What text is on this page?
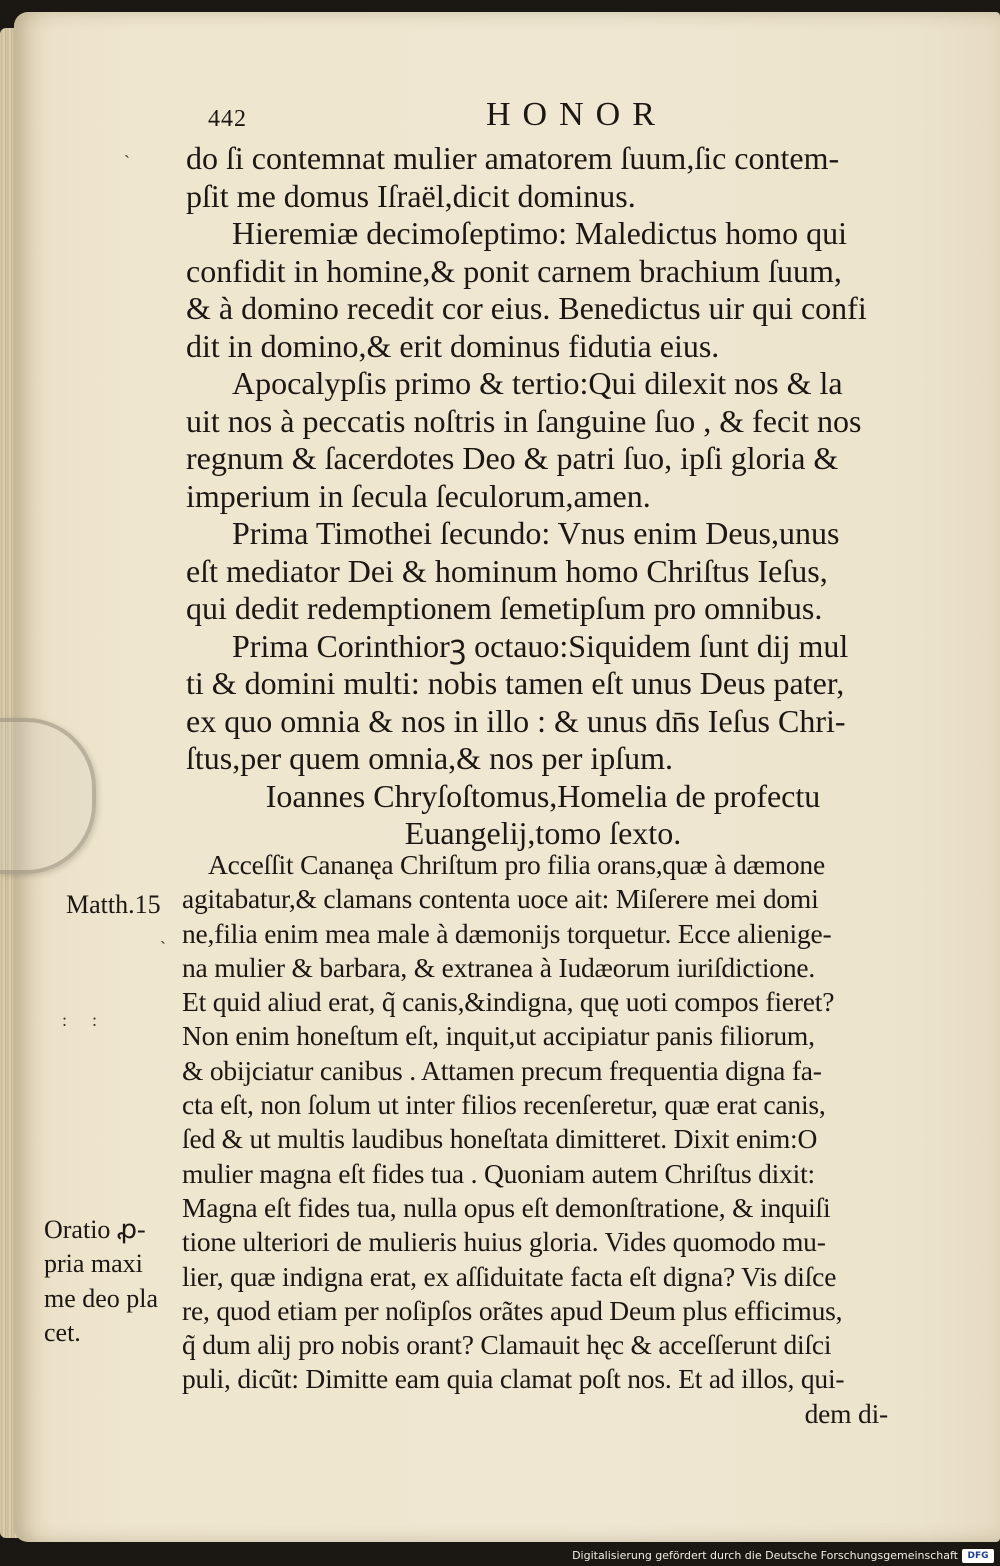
442	HONOR
do ſi contemnat mulier amatorem ſuum,ſic contem-
pſit me domus Iſraël,dicit dominus.
Hieremiæ decimoſeptimo: Maledictus homo qui
confidit in homine,& ponit carnem brachium ſuum,
& à domino recedit cor eius. Benedictus uir qui confi
dit in domino,& erit dominus fidutia eius.
Apocalypſis primo & tertio:Qui dilexit nos & la
uit nos à peccatis noſtris in ſanguine ſuo , & fecit nos
regnum & ſacerdotes Deo & patri ſuo, ipſi gloria &
imperium in ſecula ſeculorum,amen.
Prima Timothei ſecundo: Vnus enim Deus,unus
eſt mediator Dei & hominum homo Chriſtus Ieſus,
qui dedit redemptionem ſemetipſum pro omnibus.
Prima Corinthiorꝫ octauo:Siquidem ſunt dij mul
ti & domini multi: nobis tamen eſt unus Deus pater,
ex quo omnia & nos in illo : & unus dn̄s Ieſus Chri-
ſtus,per quem omnia,& nos per ipſum.
Ioannes Chryſoſtomus,Homelia de profectu
Euangelij,tomo ſexto.
Acceſſit Cananęa Chriſtum pro filia orans,quæ à dæmone
agitabatur,& clamans contenta uoce ait: Miſerere mei domi
ne,filia enim mea male à dæmonijs torquetur. Ecce alienige-
na mulier & barbara, & extranea à Iudæorum iuriſdictione.
Et quid aliud erat, q̃ canis,&indigna, quę uoti compos fieret?
Non enim honeſtum eſt, inquit,ut accipiatur panis filiorum,
& obijciatur canibus . Attamen precum frequentia digna fa-
cta eſt, non ſolum ut inter filios recenſeretur, quæ erat canis,
ſed & ut multis laudibus honeſtata dimitteret. Dixit enim:O
mulier magna eſt fides tua . Quoniam autem Chriſtus dixit:
Magna eſt fides tua, nulla opus eſt demonſtratione, & inquiſi
tione ulteriori de mulieris huius gloria. Vides quomodo mu-
lier, quæ indigna erat, ex aſſiduitate facta eſt digna? Vis diſce
re, quod etiam per noſipſos orãtes apud Deum plus efficimus,
q̃ dum alij pro nobis orant? Clamauit hęc & acceſſerunt diſci
puli, dicũt: Dimitte eam quia clamat poſt nos. Et ad illos, qui-
dem di-
Matth.15
Oratio ꝓ-
pria maxi
me deo pla
cet.
ˋ
ˋ
: :
Digitalisierung gefördert durch die Deutsche Forschungsgemeinschaft	DFG
